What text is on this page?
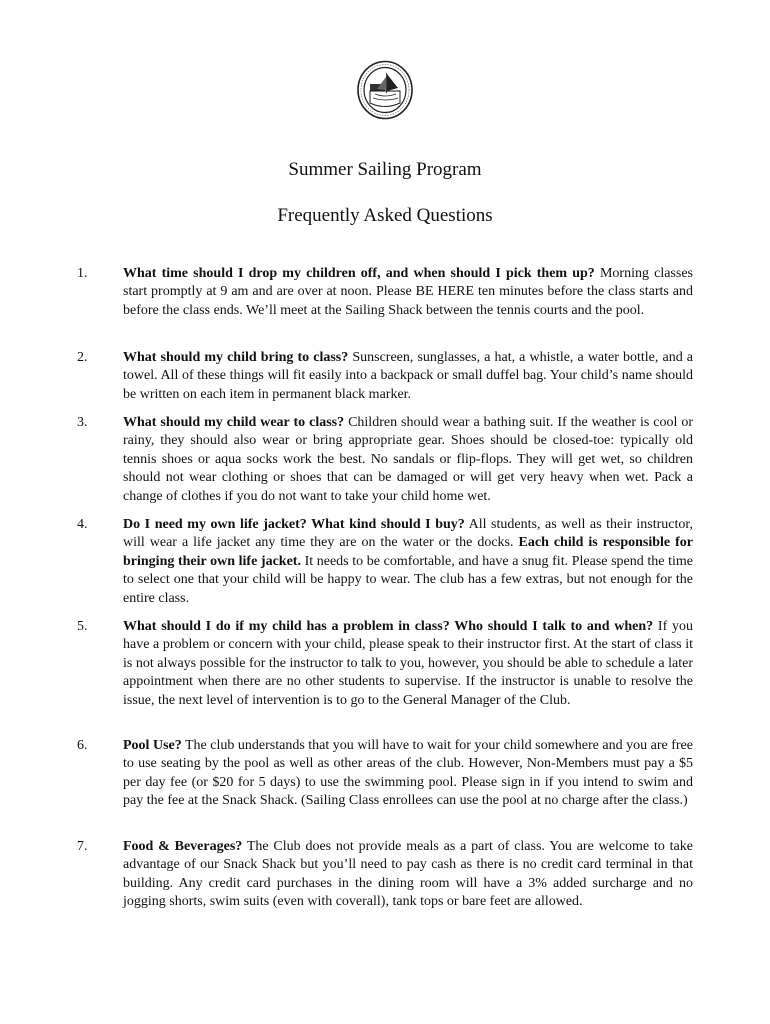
Summer Sailing Program
Frequently Asked Questions
1.	What time should I drop my children off, and when should I pick them up? Morning classes start promptly at 9 am and are over at noon. Please BE HERE ten minutes before the class starts and before the class ends. We’ll meet at the Sailing Shack between the tennis courts and the pool.

2.	What should my child bring to class? Sunscreen, sunglasses, a hat, a whistle, a water bottle, and a towel. All of these things will fit easily into a backpack or small duffel bag. Your child’s name should be written on each item in permanent black marker.

3.	What should my child wear to class? Children should wear a bathing suit. If the weather is cool or rainy, they should also wear or bring appropriate gear. Shoes should be closed-toe: typically old tennis shoes or aqua socks work the best. No sandals or flip-flops. They will get wet, so children should not wear clothing or shoes that can be damaged or will get very heavy when wet. Pack a change of clothes if you do not want to take your child home wet.

4.	Do I need my own life jacket? What kind should I buy? All students, as well as their instructor, will wear a life jacket any time they are on the water or the docks. Each child is responsible for bringing their own life jacket. It needs to be comfortable, and have a snug fit. Please spend the time to select one that your child will be happy to wear. The club has a few extras, but not enough for the entire class.

5.	What should I do if my child has a problem in class? Who should I talk to and when? If you have a problem or concern with your child, please speak to their instructor first. At the start of class it is not always possible for the instructor to talk to you, however, you should be able to schedule a later appointment when there are no other students to supervise. If the instructor is unable to resolve the issue, the next level of intervention is to go to the General Manager of the Club.

6.	Pool Use? The club understands that you will have to wait for your child somewhere and you are free to use seating by the pool as well as other areas of the club. However, Non-Members must pay a $5 per day fee (or $20 for 5 days) to use the swimming pool. Please sign in if you intend to swim and pay the fee at the Snack Shack. (Sailing Class enrollees can use the pool at no charge after the class.)

7.	Food & Beverages? The Club does not provide meals as a part of class. You are welcome to take advantage of our Snack Shack but you’ll need to pay cash as there is no credit card terminal in that building. Any credit card purchases in the dining room will have a 3% added surcharge and no jogging shorts, swim suits (even with coverall), tank tops or bare feet are allowed.
